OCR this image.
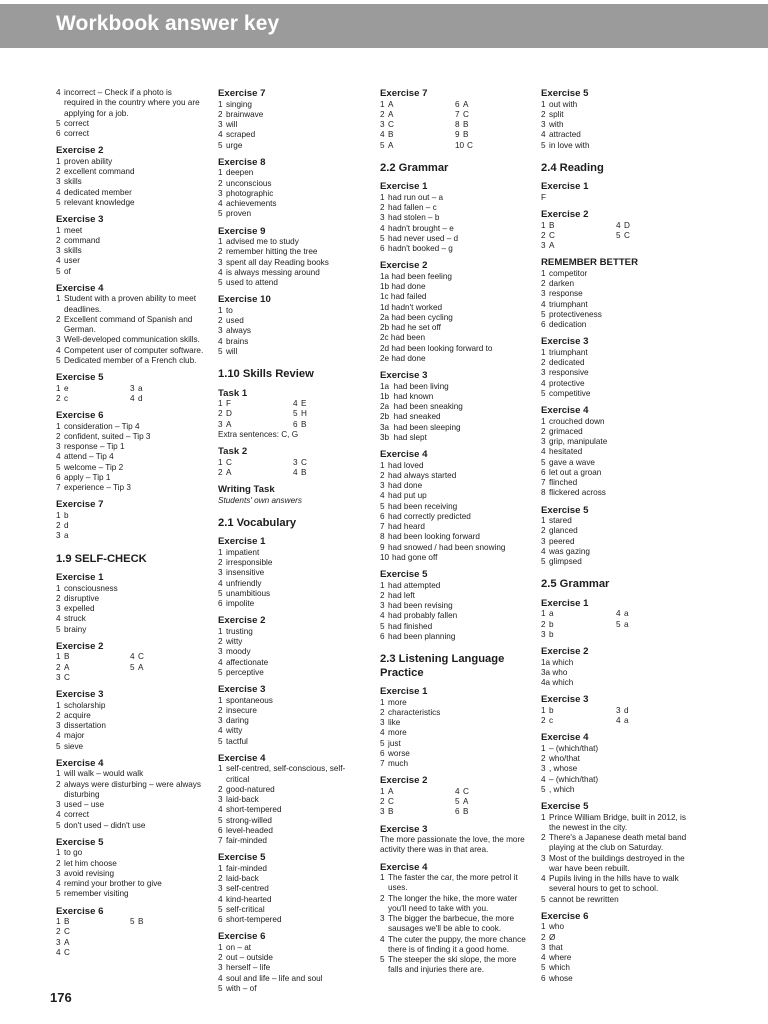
Workbook answer key
4 incorrect – Check if a photo is required in the country where you are applying for a job.
5 correct
6 correct
Exercise 2
1 proven ability
2 excellent command
3 skills
4 dedicated member
5 relevant knowledge
Exercise 3
1 meet
2 command
3 skills
4 user
5 of
Exercise 4
1 Student with a proven ability to meet deadlines.
2 Excellent command of Spanish and German.
3 Well-developed communication skills.
4 Competent user of computer software.
5 Dedicated member of a French club.
Exercise 5
1 e
2 c
3 a
4 d
Exercise 6
1 consideration – Tip 4
2 confident, suited – Tip 3
3 response – Tip 1
4 attend – Tip 4
5 welcome – Tip 2
6 apply – Tip 1
7 experience – Tip 3
Exercise 7
1 b
2 d
3 a
1.9 SELF-CHECK
Exercise 1
1 consciousness
2 disruptive
3 expelled
4 struck
5 brainy
Exercise 2
1 B
2 A
3 C
4 C
5 A
Exercise 3
1 scholarship
2 acquire
3 dissertation
4 major
5 sieve
Exercise 4
1 will walk – would walk
2 always were disturbing – were always disturbing
3 used – use
4 correct
5 don't used – didn't use
Exercise 5
1 to go
2 let him choose
3 avoid revising
4 remind your brother to give
5 remember visiting
Exercise 6
1 B
2 C
3 A
4 C
5 B
Exercise 7
1 singing
2 brainwave
3 will
4 scraped
5 urge
Exercise 8
1 deepen
2 unconscious
3 photographic
4 achievements
5 proven
Exercise 9
1 advised me to study
2 remember hitting the tree
3 spent all day Reading books
4 is always messing around
5 used to attend
Exercise 10
1 to
2 used
3 always
4 brains
5 will
1.10 Skills Review
Task 1
1 F
2 D
3 A
4 E
5 H
6 B
Extra sentences: C, G
Task 2
1 C
2 A
3 C
4 B
Writing Task
Students' own answers
2.1 Vocabulary
Exercise 1
1 impatient
2 irresponsible
3 insensitive
4 unfriendly
5 unambitious
6 impolite
Exercise 2
1 trusting
2 witty
3 moody
4 affectionate
5 perceptive
Exercise 3
1 spontaneous
2 insecure
3 daring
4 witty
5 tactful
Exercise 4
1 self-centred, self-conscious, self-critical
2 good-natured
3 laid-back
4 short-tempered
5 strong-willed
6 level-headed
7 fair-minded
Exercise 5
1 fair-minded
2 laid-back
3 self-centred
4 kind-hearted
5 self-critical
6 short-tempered
Exercise 6
1 on – at
2 out – outside
3 herself – life
4 soul and life – life and soul
5 with – of
Exercise 7
1 A
2 A
3 C
4 B
5 A
6 A
7 C
8 B
9 B
10 C
2.2 Grammar
Exercise 1
1 had run out – a
2 had fallen – c
3 had stolen – b
4 hadn't brought – e
5 had never used – d
6 hadn't booked – g
Exercise 2
1a had been feeling
1b had done
1c had failed
1d hadn't worked
2a had been cycling
2b had he set off
2c had been
2d had been looking forward to
2e had done
Exercise 3
1a  had been living
1b  had known
2a  had been sneaking
2b  had sneaked
3a  had been sleeping
3b  had slept
Exercise 4
1 had loved
2 had always started
3 had done
4 had put up
5 had been receiving
6 had correctly predicted
7 had heard
8 had been looking forward
9 had snowed / had been snowing
10 had gone off
Exercise 5
1 had attempted
2 had left
3 had been revising
4 had probably fallen
5 had finished
6 had been planning
2.3 Listening Language Practice
Exercise 1
1 more
2 characteristics
3 like
4 more
5 just
6 worse
7 much
Exercise 2
1 A
2 C
3 B
4 C
5 A
6 B
Exercise 3
The more passionate the love, the more activity there was in that area.
Exercise 4
1 The faster the car, the more petrol it uses.
2 The longer the hike, the more water you'll need to take with you.
3 The bigger the barbecue, the more sausages we'll be able to cook.
4 The cuter the puppy, the more chance there is of finding it a good home.
5 The steeper the ski slope, the more falls and injuries there are.
Exercise 5
1 out with
2 split
3 with
4 attracted
5 in love with
2.4 Reading
Exercise 1
F
Exercise 2
1 B
2 C
3 A
4 D
5 C
REMEMBER BETTER
1 competitor
2 darken
3 response
4 triumphant
5 protectiveness
6 dedication
Exercise 3
1 triumphant
2 dedicated
3 responsive
4 protective
5 competitive
Exercise 4
1 crouched down
2 grimaced
3 grip, manipulate
4 hesitated
5 gave a wave
6 let out a groan
7 flinched
8 flickered across
Exercise 5
1 stared
2 glanced
3 peered
4 was gazing
5 glimpsed
2.5 Grammar
Exercise 1
1 a
2 b
3 b
4 a
5 a
Exercise 2
1a which
3a who
4a which
Exercise 3
1 b
2 c
3 d
4 a
Exercise 4
1 – (which/that)
2 who/that
3 , whose
4 – (which/that)
5 , which
Exercise 5
1 Prince William Bridge, built in 2012, is the newest in the city.
2 There's a Japanese death metal band playing at the club on Saturday.
3 Most of the buildings destroyed in the war have been rebuilt.
4 Pupils living in the hills have to walk several hours to get to school.
5 cannot be rewritten
Exercise 6
1 who
2 Ø
3 that
4 where
5 which
6 whose
176
